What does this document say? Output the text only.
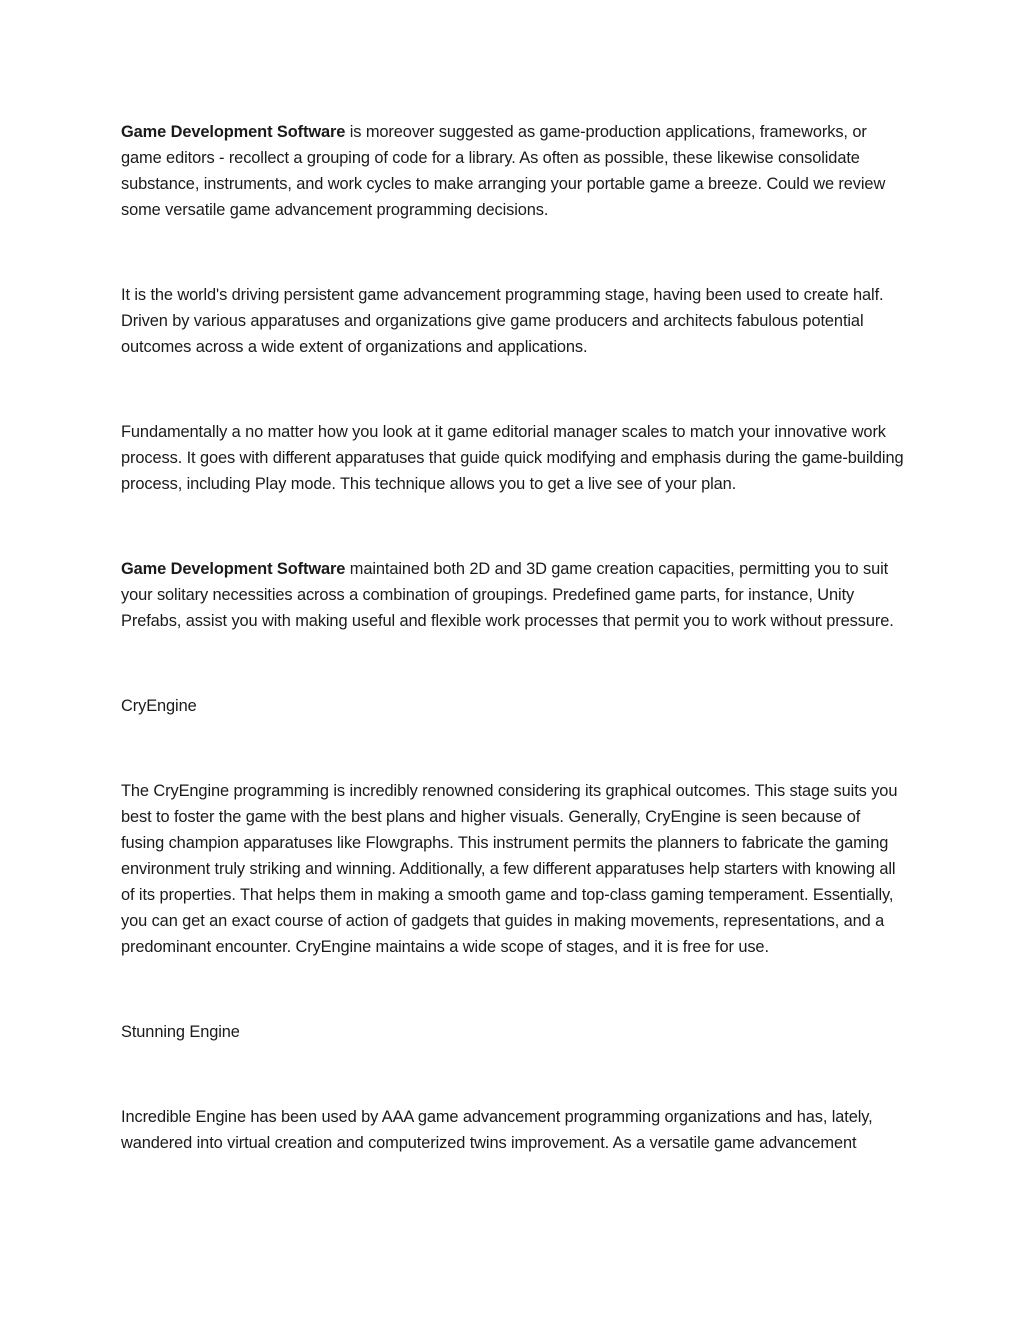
Game Development Software is moreover suggested as game-production applications, frameworks, or game editors - recollect a grouping of code for a library. As often as possible, these likewise consolidate substance, instruments, and work cycles to make arranging your portable game a breeze. Could we review some versatile game advancement programming decisions.

It is the world's driving persistent game advancement programming stage, having been used to create half. Driven by various apparatuses and organizations give game producers and architects fabulous potential outcomes across a wide extent of organizations and applications.

Fundamentally a no matter how you look at it game editorial manager scales to match your innovative work process. It goes with different apparatuses that guide quick modifying and emphasis during the game-building process, including Play mode. This technique allows you to get a live see of your plan.

Game Development Software maintained both 2D and 3D game creation capacities, permitting you to suit your solitary necessities across a combination of groupings. Predefined game parts, for instance, Unity Prefabs, assist you with making useful and flexible work processes that permit you to work without pressure.

CryEngine

The CryEngine programming is incredibly renowned considering its graphical outcomes. This stage suits you best to foster the game with the best plans and higher visuals. Generally, CryEngine is seen because of fusing champion apparatuses like Flowgraphs. This instrument permits the planners to fabricate the gaming environment truly striking and winning. Additionally, a few different apparatuses help starters with knowing all of its properties. That helps them in making a smooth game and top-class gaming temperament. Essentially, you can get an exact course of action of gadgets that guides in making movements, representations, and a predominant encounter. CryEngine maintains a wide scope of stages, and it is free for use.

Stunning Engine

Incredible Engine has been used by AAA game advancement programming organizations and has, lately, wandered into virtual creation and computerized twins improvement. As a versatile game advancement
